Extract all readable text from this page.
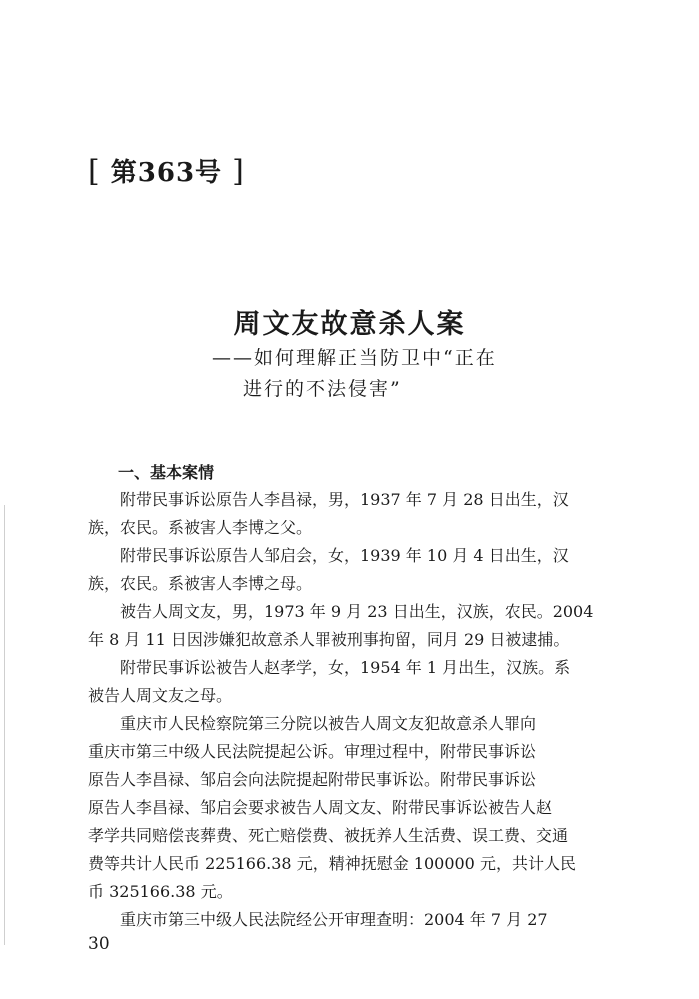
[ 第363号 ]
周文友故意杀人案
——如何理解正当防卫中“正在
进行的不法侵害”
一、基本案情

附带民事诉讼原告人李昌禄，男，1937 年 7 月 28 日出生，汉
族，农民。系被害人李博之父。

附带民事诉讼原告人邹启会，女，1939 年 10 月 4 日出生，汉
族，农民。系被害人李博之母。

被告人周文友，男，1973 年 9 月 23 日出生，汉族，农民。2004
年 8 月 11 日因涉嫌犯故意杀人罪被刑事拘留，同月 29 日被逮捕。

附带民事诉讼被告人赵孝学，女，1954 年 1 月出生，汉族。系
被告人周文友之母。

重庆市人民检察院第三分院以被告人周文友犯故意杀人罪向
重庆市第三中级人民法院提起公诉。审理过程中，附带民事诉讼
原告人李昌禄、邹启会向法院提起附带民事诉讼。附带民事诉讼
原告人李昌禄、邹启会要求被告人周文友、附带民事诉讼被告人赵
孝学共同赔偿丧葬费、死亡赔偿费、被抚养人生活费、误工费、交通
费等共计人民币 225166.38 元，精神抚慰金 100000 元，共计人民
币 325166.38 元。

重庆市第三中级人民法院经公开审理查明：2004 年 7 月 27

30
